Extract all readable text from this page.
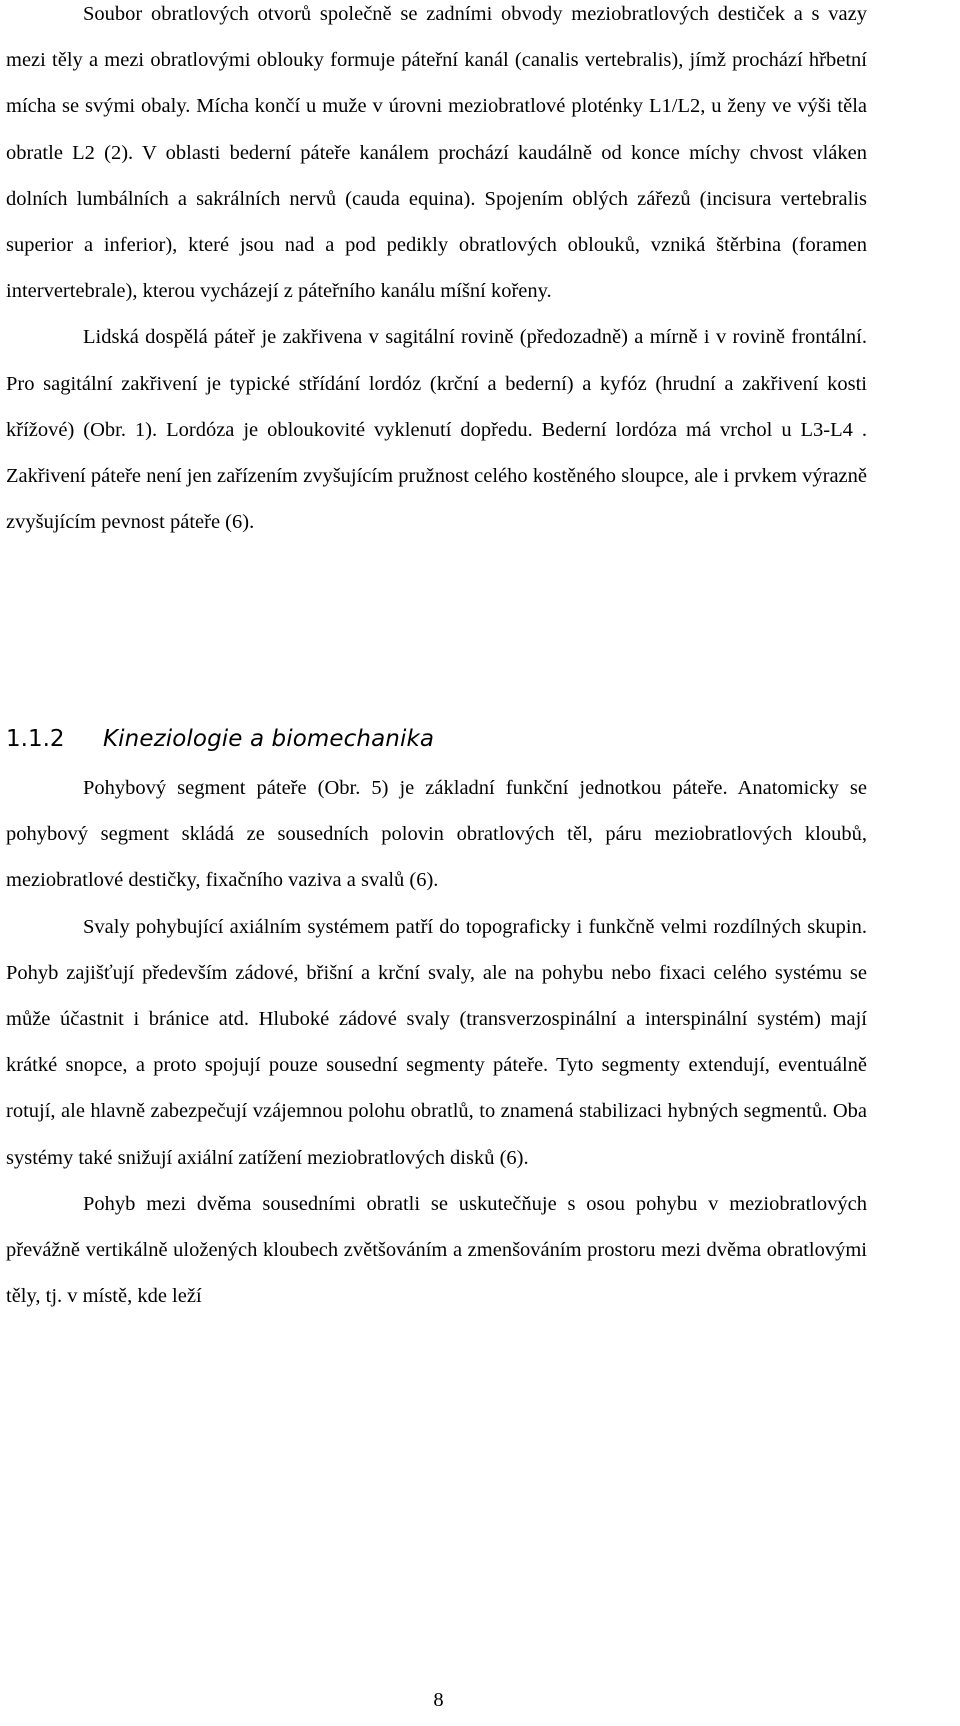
Soubor obratlových otvorů společně se zadními obvody meziobratlových destiček a s vazy mezi těly a mezi obratlovými oblouky formuje páteřní kanál (canalis vertebralis), jímž prochází hřbetní mícha se svými obaly. Mícha končí u muže v úrovni meziobratlové ploténky L1/L2, u ženy ve výši těla obratle L2 (2). V oblasti bederní páteře kanálem prochází kaudálně od konce míchy chvost vláken dolních lumbálních a sakrálních nervů (cauda equina). Spojením oblých zářezů (incisura vertebralis superior a inferior), které jsou nad a pod pedikly obratlových oblouků, vzniká štěrbina (foramen intervertebrale), kterou vycházejí z páteřního kanálu míšní kořeny.

Lidská dospělá páteř je zakřivena v sagitální rovině (předozadně) a mírně i v rovině frontální. Pro sagitální zakřivení je typické střídání lordóz (krční a bederní) a kyfóz (hrudní a zakřivení kosti křížové) (Obr. 1). Lordóza je obloukovité vyklenutí dopředu. Bederní lordóza má vrchol u L3-L4 . Zakřivení páteře není jen zařízením zvyšujícím pružnost celého kostěného sloupce, ale i prvkem výrazně zvyšujícím pevnost páteře (6).

1.1.2	Kineziologie a biomechanika

Pohybový segment páteře (Obr. 5) je základní funkční jednotkou páteře. Anatomicky se pohybový segment skládá ze sousedních polovin obratlových těl, páru meziobratlových kloubů, meziobratlové destičky, fixačního vaziva a svalů (6).

Svaly pohybující axiálním systémem patří do topograficky i funkčně velmi rozdílných skupin. Pohyb zajišťují především zádové, břišní a krční svaly, ale na pohybu nebo fixaci celého systému se může účastnit i bránice atd. Hluboké zádové svaly (transverzospinální a interspinální systém) mají krátké snopce, a proto spojují pouze sousední segmenty páteře. Tyto segmenty extendují, eventuálně rotují, ale hlavně zabezpečují vzájemnou polohu obratlů, to znamená stabilizaci hybných segmentů. Oba systémy také snižují axiální zatížení meziobratlových disků (6).

Pohyb mezi dvěma sousedními obratli se uskutečňuje s osou pohybu v meziobratlových převážně vertikálně uložených kloubech zvětšováním a zmenšováním prostoru mezi dvěma obratlovými těly, tj. v místě, kde leží

8
